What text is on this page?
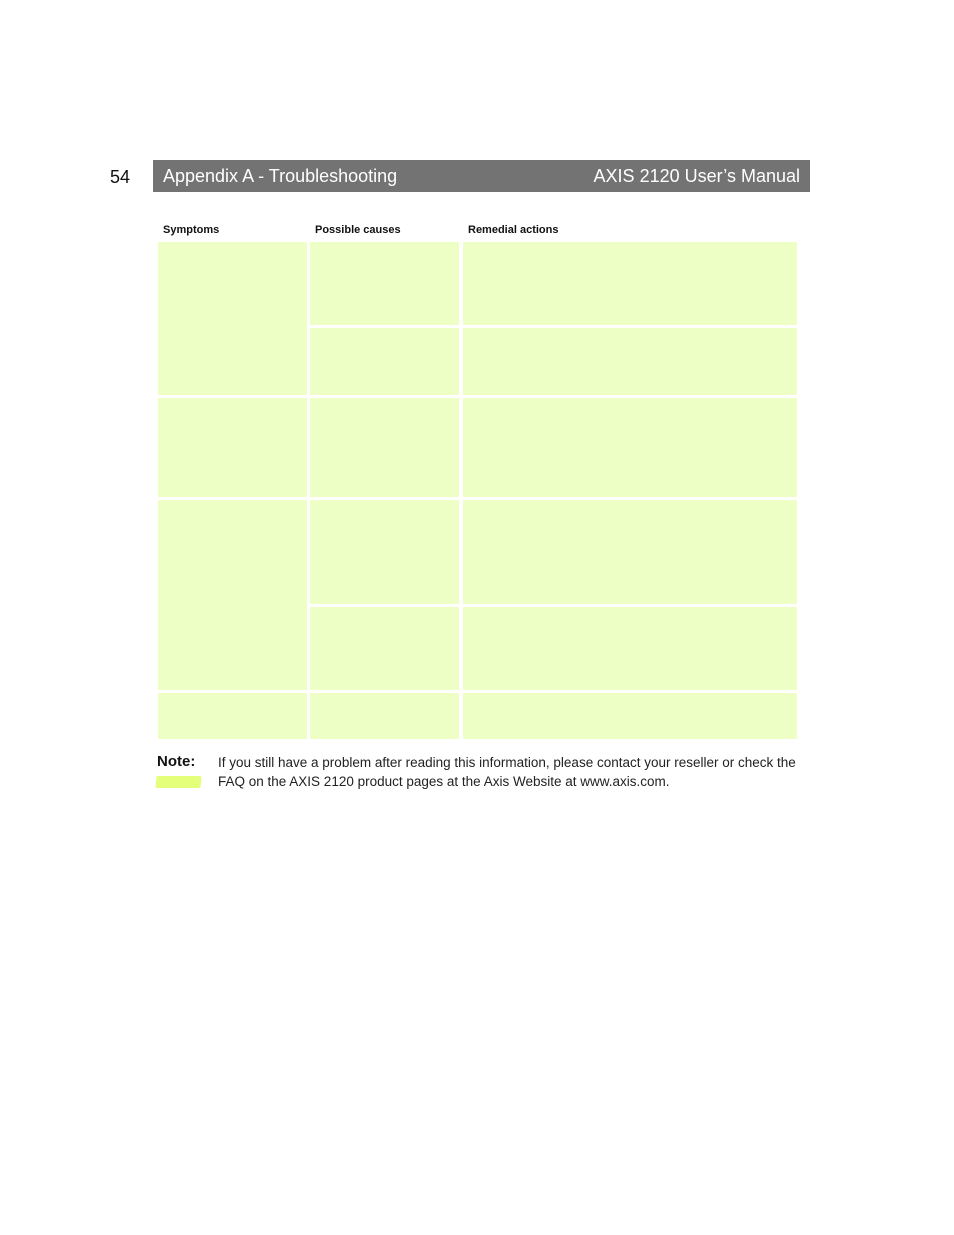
54 Appendix A - Troubleshooting	AXIS 2120 User’s Manual
Symptoms	Possible causes	Remedial actions
Note: If you still have a problem after reading this information, please contact your reseller or check the FAQ on the AXIS 2120 product pages at the Axis Website at www.axis.com.
